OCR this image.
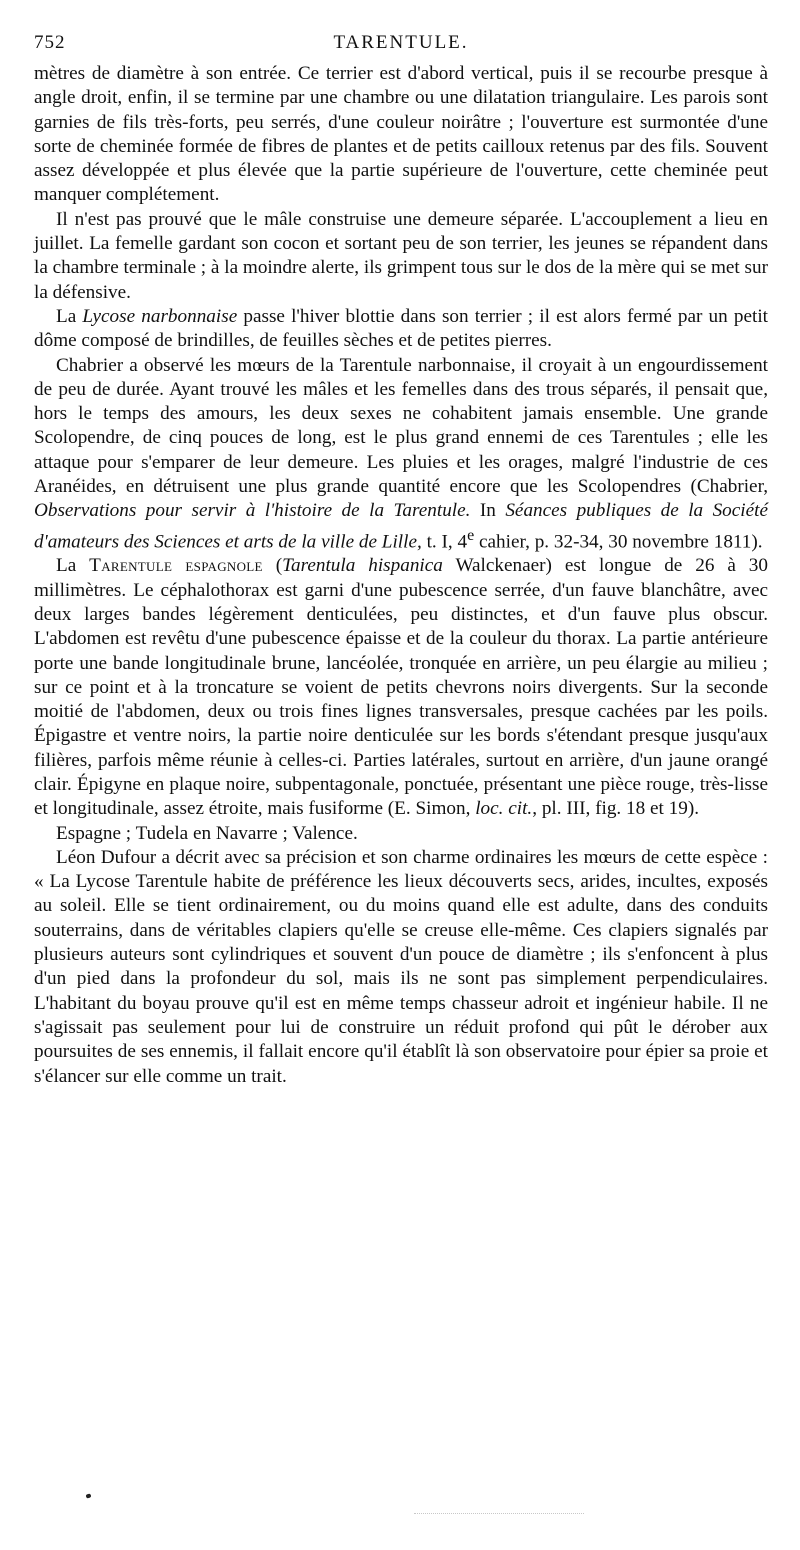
752	TARENTULE.

mètres de diamètre à son entrée. Ce terrier est d'abord vertical, puis il se recourbe presque à angle droit, enfin, il se termine par une chambre ou une dilatation triangulaire. Les parois sont garnies de fils très-forts, peu serrés, d'une couleur noirâtre ; l'ouverture est surmontée d'une sorte de cheminée formée de fibres de plantes et de petits cailloux retenus par des fils. Souvent assez développée et plus élevée que la partie supérieure de l'ouverture, cette cheminée peut manquer complétement.

Il n'est pas prouvé que le mâle construise une demeure séparée. L'accouplement a lieu en juillet. La femelle gardant son cocon et sortant peu de son terrier, les jeunes se répandent dans la chambre terminale ; à la moindre alerte, ils grimpent tous sur le dos de la mère qui se met sur la défensive.

La Lycose narbonnaise passe l'hiver blottie dans son terrier ; il est alors fermé par un petit dôme composé de brindilles, de feuilles sèches et de petites pierres.

Chabrier a observé les mœurs de la Tarentule narbonnaise, il croyait à un engourdissement de peu de durée. Ayant trouvé les mâles et les femelles dans des trous séparés, il pensait que, hors le temps des amours, les deux sexes ne cohabitent jamais ensemble. Une grande Scolopendre, de cinq pouces de long, est le plus grand ennemi de ces Tarentules ; elle les attaque pour s'emparer de leur demeure. Les pluies et les orages, malgré l'industrie de ces Aranéides, en détruisent une plus grande quantité encore que les Scolopendres (Chabrier, Observations pour servir à l'histoire de la Tarentule. In Séances publiques de la Société d'amateurs des Sciences et arts de la ville de Lille, t. I, 4e cahier, p. 32-34, 30 novembre 1811).

La Tarentule espagnole (Tarentula hispanica Walckenaer) est longue de 26 à 30 millimètres. Le céphalothorax est garni d'une pubescence serrée, d'un fauve blanchâtre, avec deux larges bandes légèrement denticulées, peu distinctes, et d'un fauve plus obscur. L'abdomen est revêtu d'une pubescence épaisse et de la couleur du thorax. La partie antérieure porte une bande longitudinale brune, lancéolée, tronquée en arrière, un peu élargie au milieu ; sur ce point et à la troncature se voient de petits chevrons noirs divergents. Sur la seconde moitié de l'abdomen, deux ou trois fines lignes transversales, presque cachées par les poils. Épigastre et ventre noirs, la partie noire denticulée sur les bords s'étendant presque jusqu'aux filières, parfois même réunie à celles-ci. Parties latérales, surtout en arrière, d'un jaune orangé clair. Épigyne en plaque noire, subpentagonale, ponctuée, présentant une pièce rouge, très-lisse et longitudinale, assez étroite, mais fusiforme (E. Simon, loc. cit., pl. III, fig. 18 et 19).

Espagne ; Tudela en Navarre ; Valence.

Léon Dufour a décrit avec sa précision et son charme ordinaires les mœurs de cette espèce : « La Lycose Tarentule habite de préférence les lieux découverts secs, arides, incultes, exposés au soleil. Elle se tient ordinairement, ou du moins quand elle est adulte, dans des conduits souterrains, dans de véritables clapiers qu'elle se creuse elle-même. Ces clapiers signalés par plusieurs auteurs sont cylindriques et souvent d'un pouce de diamètre ; ils s'enfoncent à plus d'un pied dans la profondeur du sol, mais ils ne sont pas simplement perpendiculaires. L'habitant du boyau prouve qu'il est en même temps chasseur adroit et ingénieur habile. Il ne s'agissait pas seulement pour lui de construire un réduit profond qui pût le dérober aux poursuites de ses ennemis, il fallait encore qu'il établît là son observatoire pour épier sa proie et s'élancer sur elle comme un trait.
